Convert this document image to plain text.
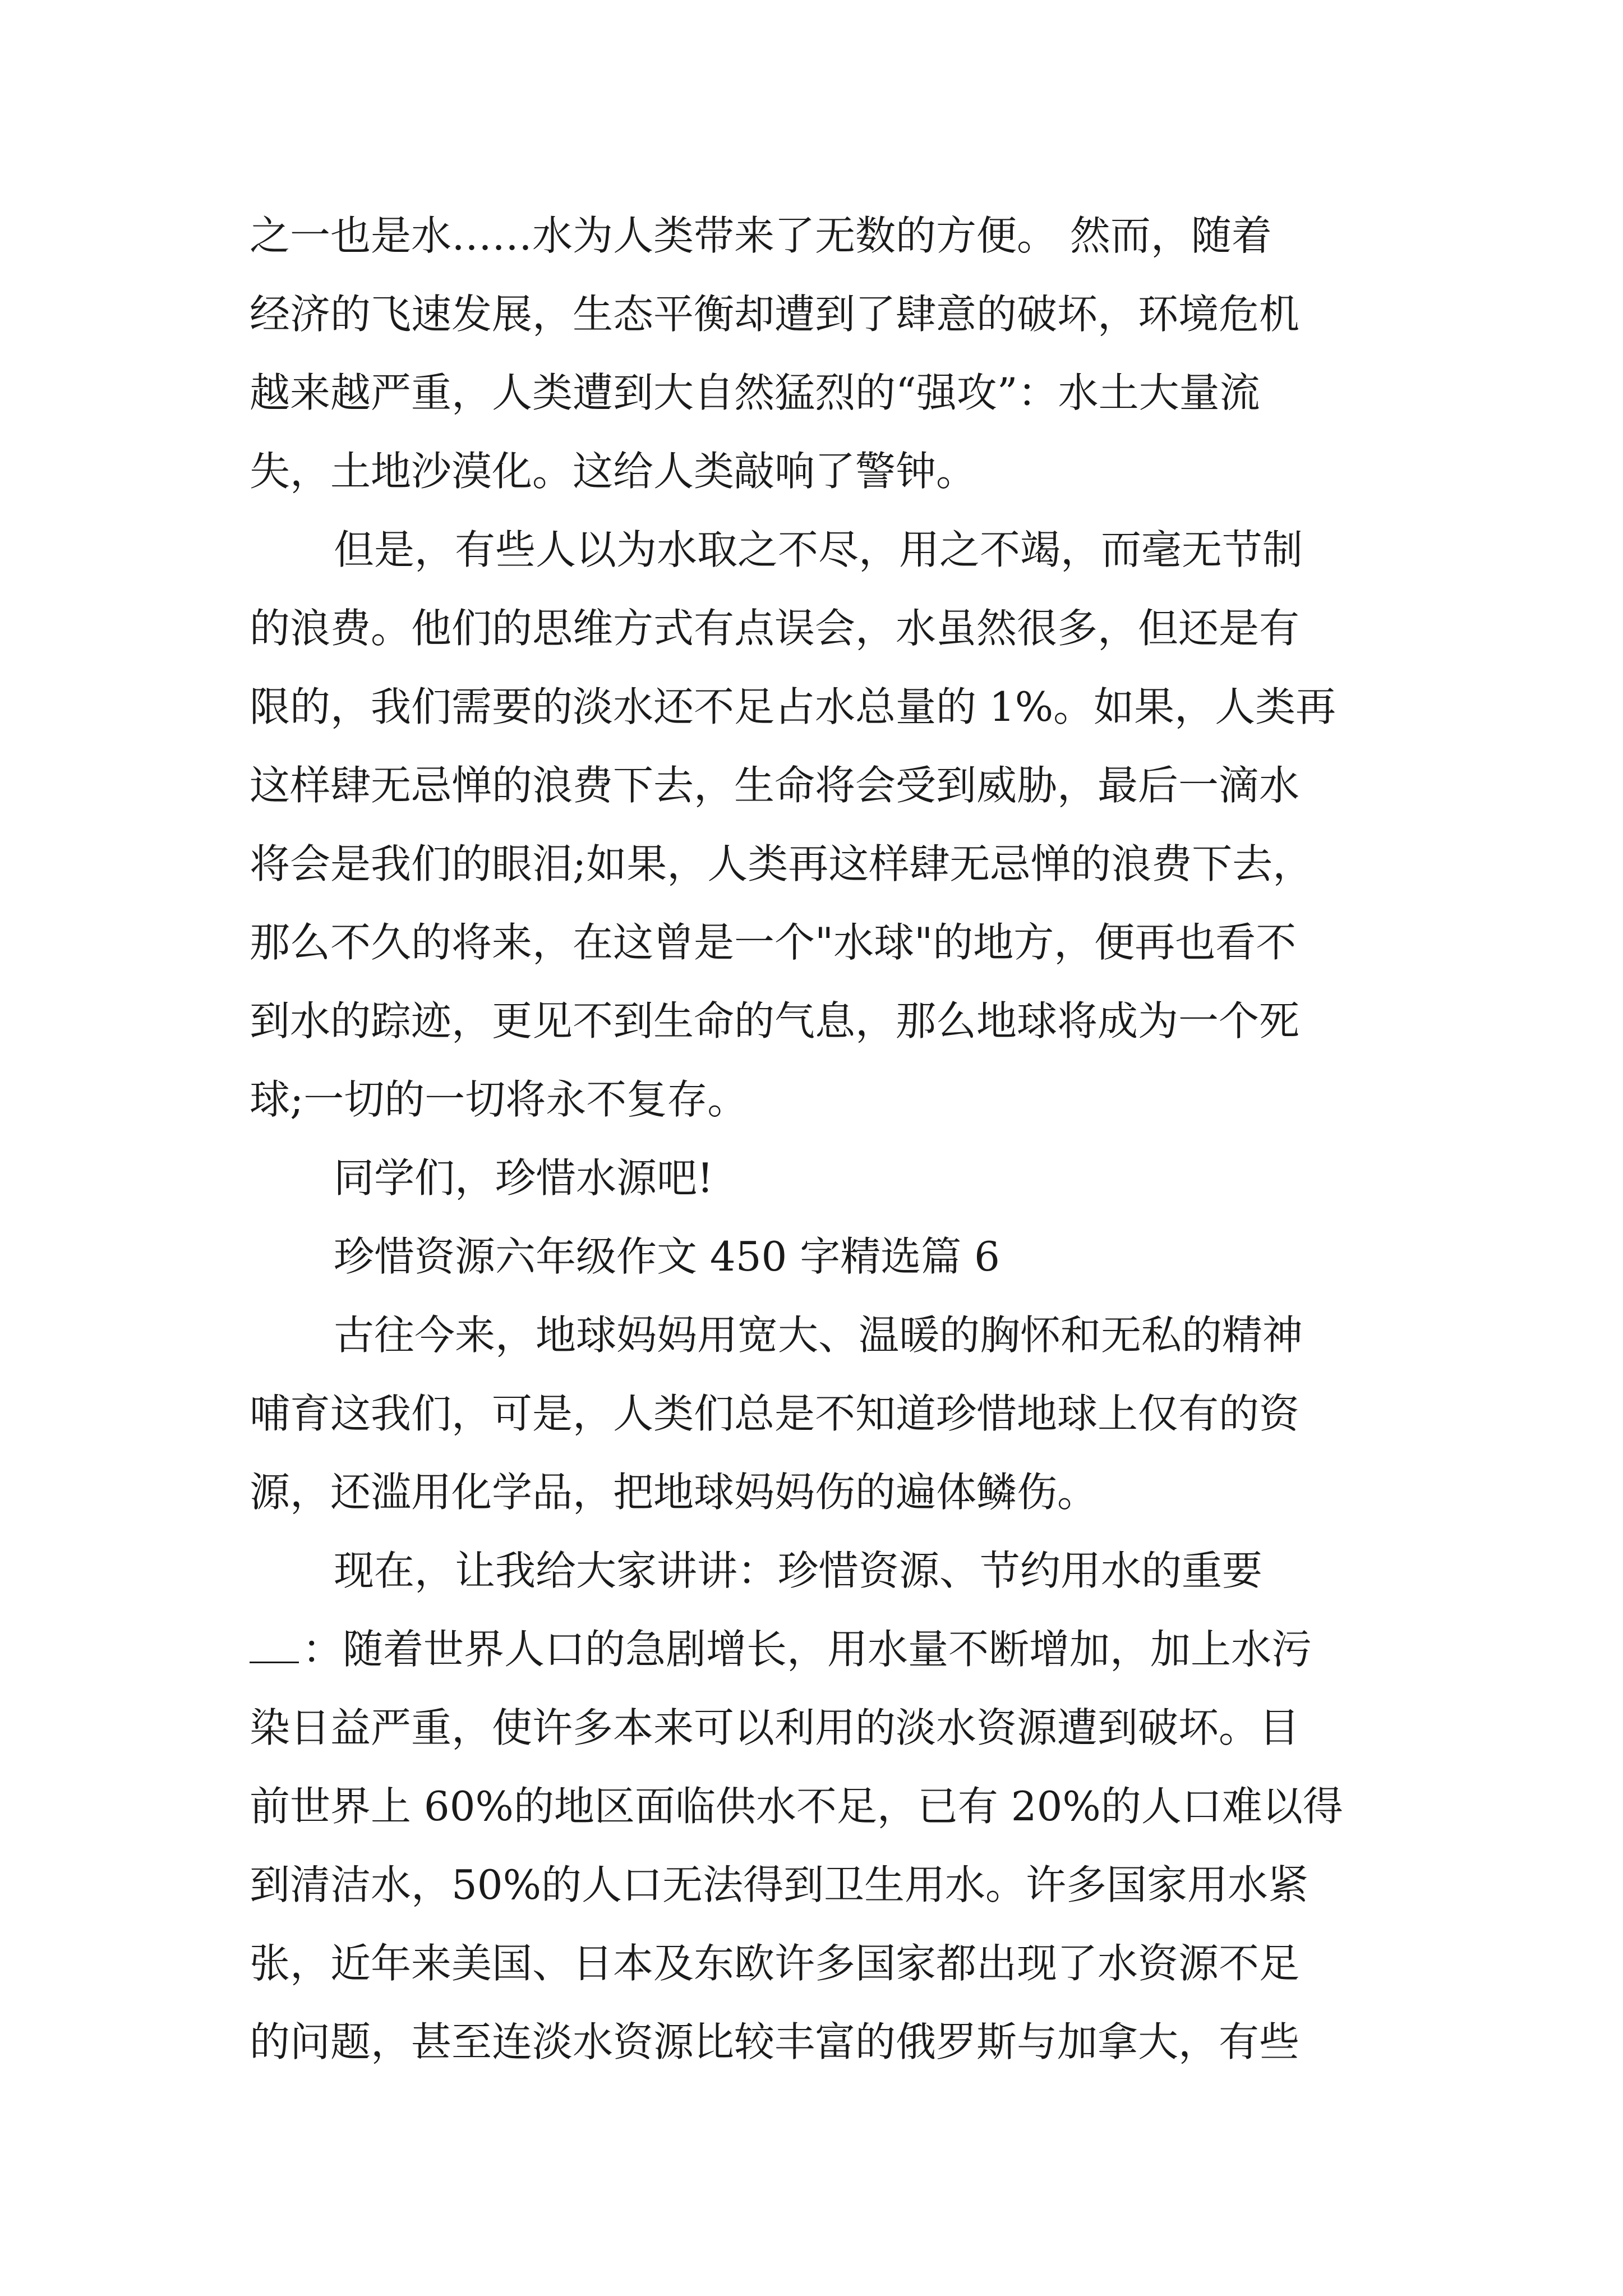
之一也是水……水为人类带来了无数的方便。 然而，随着
经济的飞速发展，生态平衡却遭到了肆意的破坏，环境危机
越来越严重，人类遭到大自然猛烈的“强攻”：水土大量流
失，土地沙漠化。这给人类敲响了警钟。
但是，有些人以为水取之不尽，用之不竭，而毫无节制
的浪费。他们的思维方式有点误会，水虽然很多，但还是有
限的，我们需要的淡水还不足占水总量的 1%。如果，人类再
这样肆无忌惮的浪费下去，生命将会受到威胁，最后一滴水
将会是我们的眼泪;如果，人类再这样肆无忌惮的浪费下去，
那么不久的将来，在这曾是一个"水球"的地方，便再也看不
到水的踪迹，更见不到生命的气息，那么地球将成为一个死
球;一切的一切将永不复存。
同学们，珍惜水源吧!
珍惜资源六年级作文 450 字精选篇 6
古往今来，地球妈妈用宽大、温暖的胸怀和无私的精神
哺育这我们，可是，人类们总是不知道珍惜地球上仅有的资
源，还滥用化学品，把地球妈妈伤的遍体鳞伤。
现在，让我给大家讲讲：珍惜资源、节约用水的重要
：随着世界人口的急剧增长，用水量不断增加，加上水污
染日益严重，使许多本来可以利用的淡水资源遭到破坏。目
前世界上 60%的地区面临供水不足，已有 20%的人口难以得
到清洁水，50%的人口无法得到卫生用水。许多国家用水紧
张，近年来美国、日本及东欧许多国家都出现了水资源不足
的问题，甚至连淡水资源比较丰富的俄罗斯与加拿大，有些
